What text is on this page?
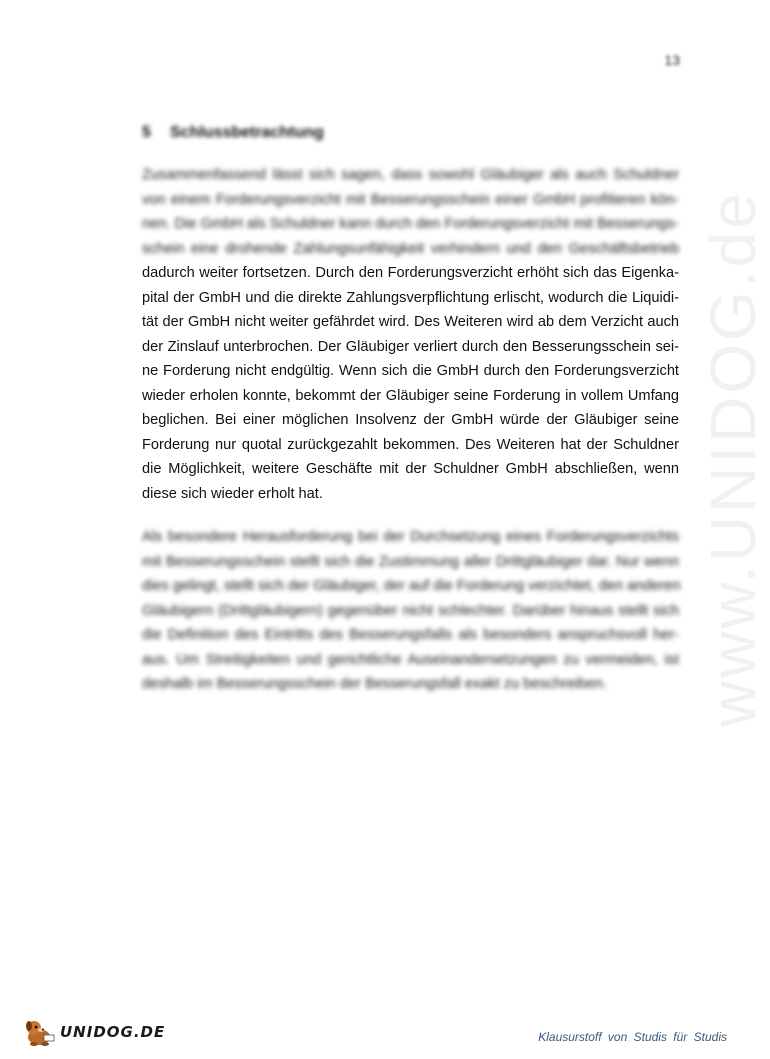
13
5 Schlussbetrachtung
Zusammenfassend lässt sich sagen, dass sowohl Gläubiger als auch Schuldner
von einem Forderungsverzicht mit Besserungsschein einer GmbH profitieren kön-
nen. Die GmbH als Schuldner kann durch den Forderungsverzicht mit Besserungs-
schein eine drohende Zahlungsunfähigkeit verhindern und den Geschäftsbetrieb
dadurch weiter fortsetzen. Durch den Forderungsverzicht erhöht sich das Eigenka-
pital der GmbH und die direkte Zahlungsverpflichtung erlischt, wodurch die Liquidi-
tät der GmbH nicht weiter gefährdet wird. Des Weiteren wird ab dem Verzicht auch
der Zinslauf unterbrochen. Der Gläubiger verliert durch den Besserungsschein sei-
ne Forderung nicht endgültig. Wenn sich die GmbH durch den Forderungsverzicht
wieder erholen konnte, bekommt der Gläubiger seine Forderung in vollem Umfang
beglichen. Bei einer möglichen Insolvenz der GmbH würde der Gläubiger seine
Forderung nur quotal zurückgezahlt bekommen. Des Weiteren hat der Schuldner
die Möglichkeit, weitere Geschäfte mit der Schuldner GmbH abschließen, wenn
diese sich wieder erholt hat.
Als besondere Herausforderung bei der Durchsetzung eines Forderungsverzichts
mit Besserungsschein stellt sich die Zustimmung aller Drittgläubiger dar. Nur wenn
dies gelingt, stellt sich der Gläubiger, der auf die Forderung verzichtet, den anderen
Gläubigern (Drittgläubigern) gegenüber nicht schlechter. Darüber hinaus stellt sich
die Definition des Eintritts des Besserungsfalls als besonders anspruchsvoll her-
aus. Um Streitigkeiten und gerichtliche Auseinandersetzungen zu vermeiden, ist
deshalb im Besserungsschein der Besserungsfall exakt zu beschreiben.	www.UNIDOG.de
UNIDOG.DE	Klausurstoff von Studis für Studis
